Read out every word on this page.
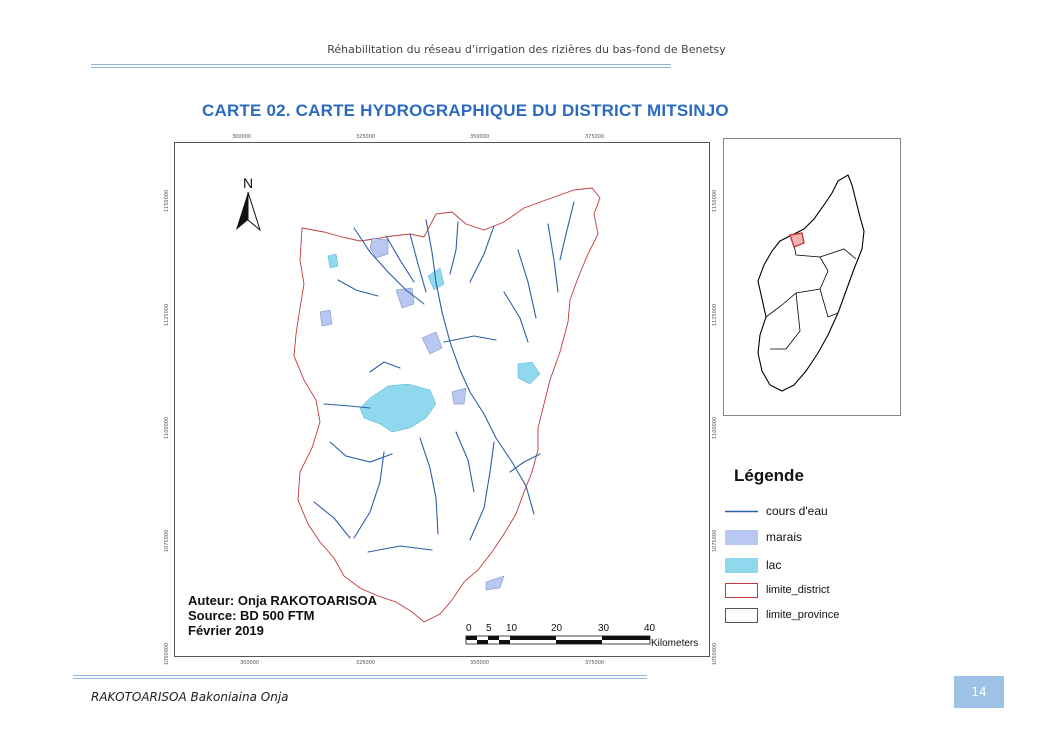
Réhabilitation du réseau d’irrigation des rizières du bas-fond de Benetsy
CARTE 02. CARTE HYDROGRAPHIQUE DU DISTRICT MITSINJO
300000	325000	350000	375000
300000	325000	350000	375000
1150000
1125000
1100000
1075000
1050000
1150000
1125000
1100000
1075000
1050000
N
Auteur: Onja RAKOTOARISOA
Source: BD 500 FTM
Février 2019	0 5 10	20	30	40
Kilometers
Légende
cours d'eau
marais
lac
limite_district
limite_province
RAKOTOARISOA Bakoniaina Onja	14
